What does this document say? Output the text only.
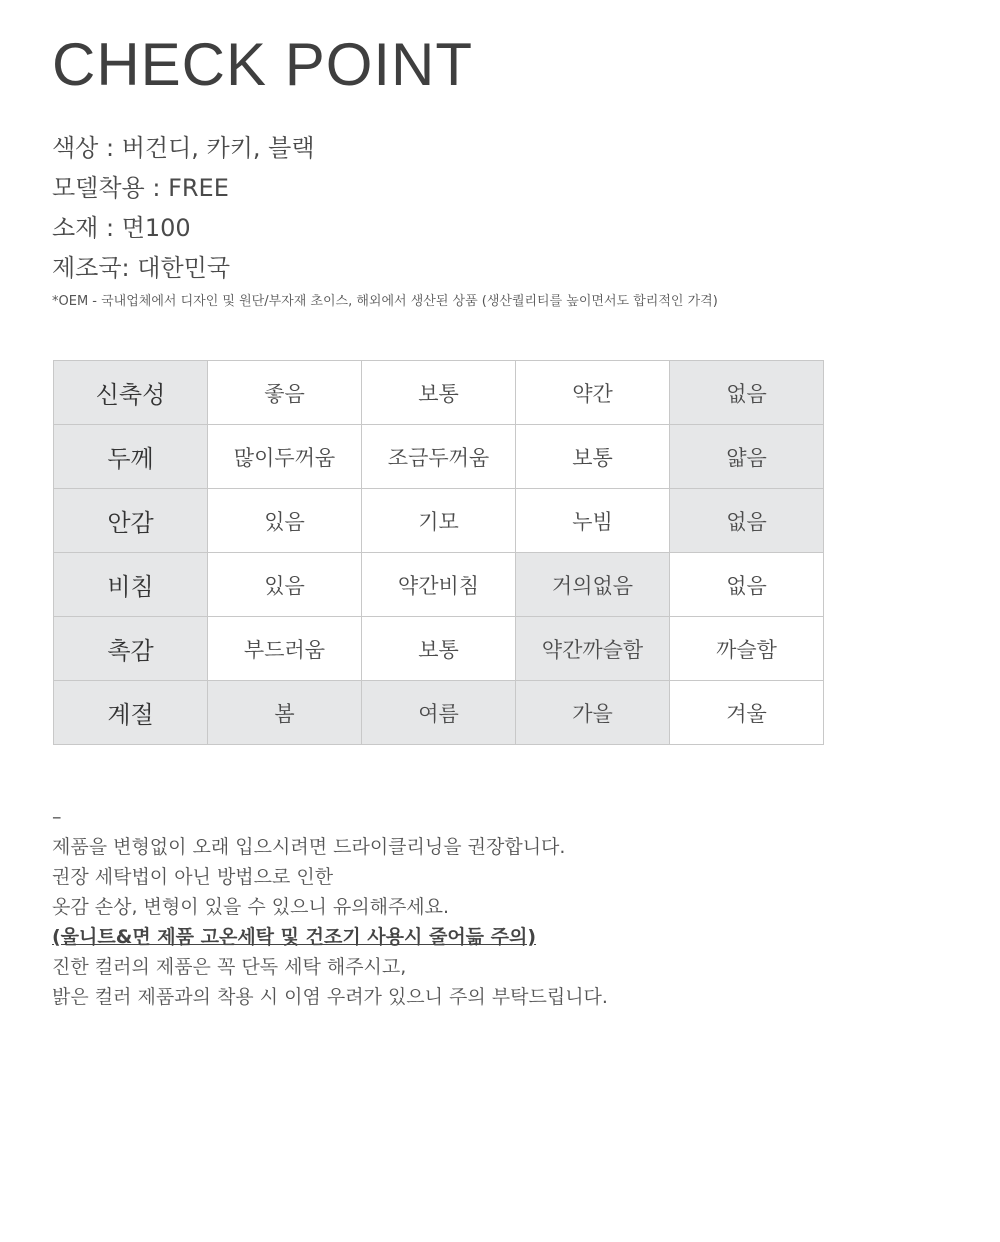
CHECK POINT
색상 : 버건디, 카키, 블랙
모델착용 : FREE
소재 : 면100
제조국: 대한민국
*OEM - 국내업체에서 디자인 및 원단/부자재 초이스, 해외에서 생산된 상품 (생산퀄리티를 높이면서도 합리적인 가격)
신축성	좋음	보통	약간	없음
두께	많이두꺼움	조금두꺼움	보통	얇음
안감	있음	기모	누빔	없음
비침	있음	약간비침	거의없음	없음
촉감	부드러움	보통	약간까슬함	까슬함
계절	봄	여름	가을	겨울
–
제품을 변형없이 오래 입으시려면 드라이클리닝을 권장합니다.
권장 세탁법이 아닌 방법으로 인한
옷감 손상, 변형이 있을 수 있으니 유의해주세요.
(울니트&면 제품 고온세탁 및 건조기 사용시 줄어듦 주의)
진한 컬러의 제품은 꼭 단독 세탁 해주시고,
밝은 컬러 제품과의 착용 시 이염 우려가 있으니 주의 부탁드립니다.
